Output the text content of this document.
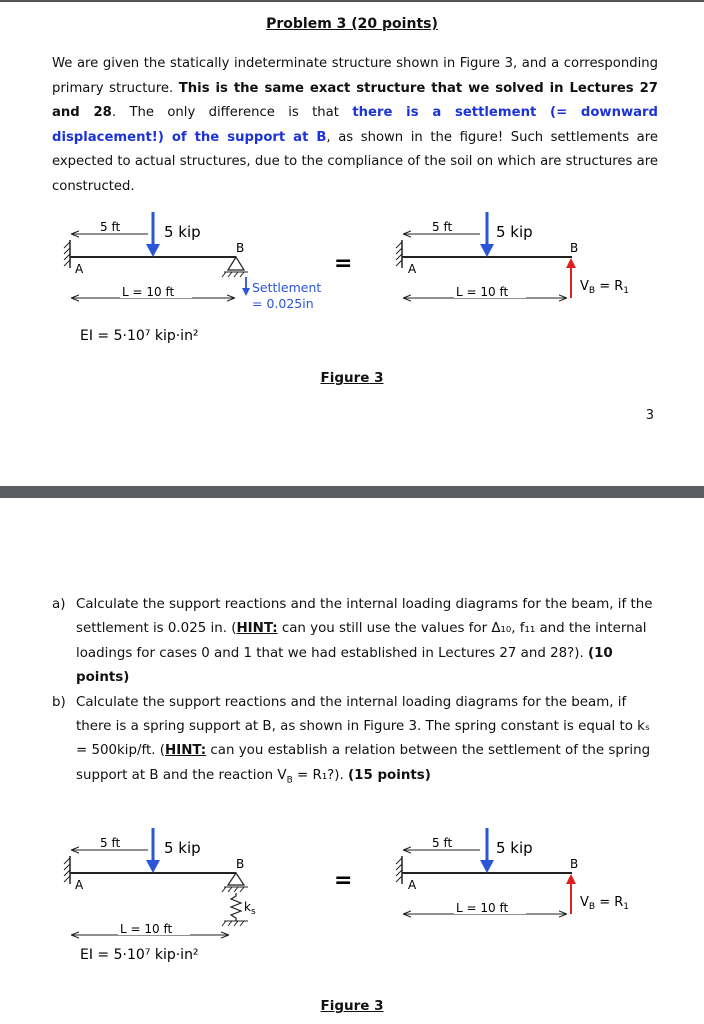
Problem 3 (20 points)

We are given the statically indeterminate structure shown in Figure 3, and a corresponding primary structure. This is the same exact structure that we solved in Lectures 27 and 28. The only difference is that there is a settlement (= downward displacement!) of the support at B, as shown in the figure! Such settlements are expected to actual structures, due to the compliance of the soil on which are structures are constructed.

A
B
5 ft	5 kip
Settlement
= 0.025in
L = 10 ft
EI = 5·10⁷ kip·in²
=	A
B
5 ft	5 kip
$V_B = R_1$
L = 10 ft
Figure 3
3
a) Calculate the support reactions and the internal loading diagrams for the beam, if the settlement is 0.025 in. (HINT: can you still use the values for Δ₁₀, f₁₁ and the internal loadings for cases 0 and 1 that we had established in Lectures 27 and 28?). (10 points)
b) Calculate the support reactions and the internal loading diagrams for the beam, if there is a spring support at B, as shown in Figure 3. The spring constant is equal to kₛ = 500kip/ft. (HINT: can you establish a relation between the settlement of the spring support at B and the reaction $V_B$ = R₁?). (15 points)
A
B
5 ft	5 kip
$k_s$
L = 10 ft
EI = 5·10⁷ kip·in²
=	A
B
5 ft	5 kip
$V_B = R_1$
L = 10 ft
Figure 3
